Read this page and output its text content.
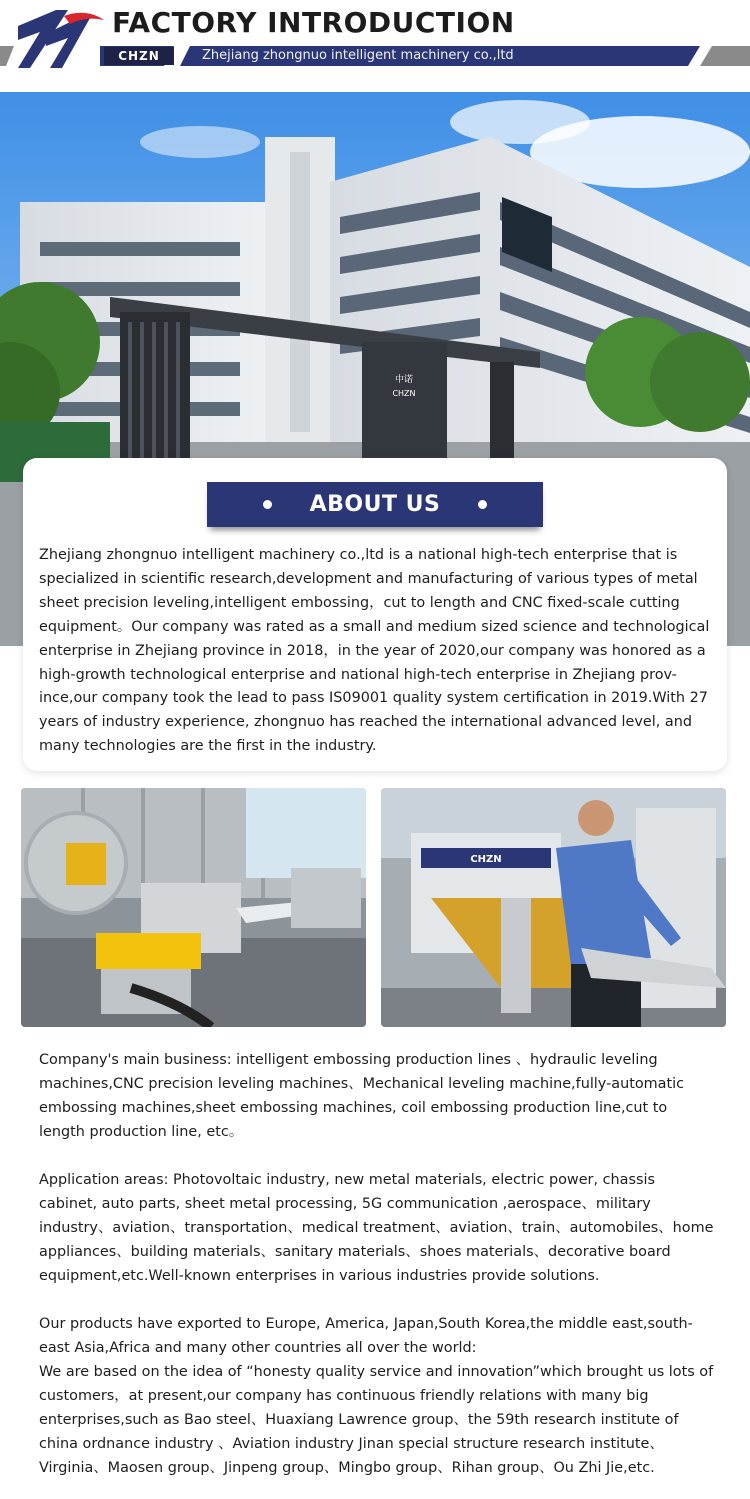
FACTORY INTRODUCTION
CHZN	Zhejiang zhongnuo intelligent machinery co.,ltd
中诺
CHZN
ABOUT US

Zhejiang zhongnuo intelligent machinery co.,ltd is a national high-tech enterprise that is specialized in scientific research,development and manufacturing of various types of metal sheet precision leveling,intelligent embossing，cut to length and CNC fixed-scale cutting equipment。Our company was rated as a small and medium sized science and technological enterprise in Zhejiang province in 2018，in the year of 2020,our company was honored as a high-growth technological enterprise and national high-tech enterprise in Zhejiang prov-ince,our company took the lead to pass IS09001 quality system certification in 2019.With 27 years of industry experience, zhongnuo has reached the international advanced level, and many technologies are the first in the industry.

CHZN

Company's main business: intelligent embossing production lines 、hydraulic leveling machines,CNC precision leveling machines、Mechanical leveling machine,fully-automatic embossing machines,sheet embossing machines, coil embossing production line,cut to length production line, etc。

Application areas: Photovoltaic industry, new metal materials, electric power, chassis cabinet, auto parts, sheet metal processing, 5G communication ,aerospace、military industry、aviation、transportation、medical treatment、aviation、train、automobiles、home appliances、building materials、sanitary materials、shoes materials、decorative board equipment,etc.Well-known enterprises in various industries provide solutions.

Our products have exported to Europe, America, Japan,South Korea,the middle east,south-east Asia,Africa and many other countries all over the world:

We are based on the idea of “honesty quality service and innovation”which brought us lots of customers，at present,our company has continuous friendly relations with many big enterprises,such as Bao steel、Huaxiang Lawrence group、the 59th research institute of china ordnance industry 、Aviation industry Jinan special structure research institute、Virginia、Maosen group、Jinpeng group、Mingbo group、Rihan group、Ou Zhi Jie,etc.
